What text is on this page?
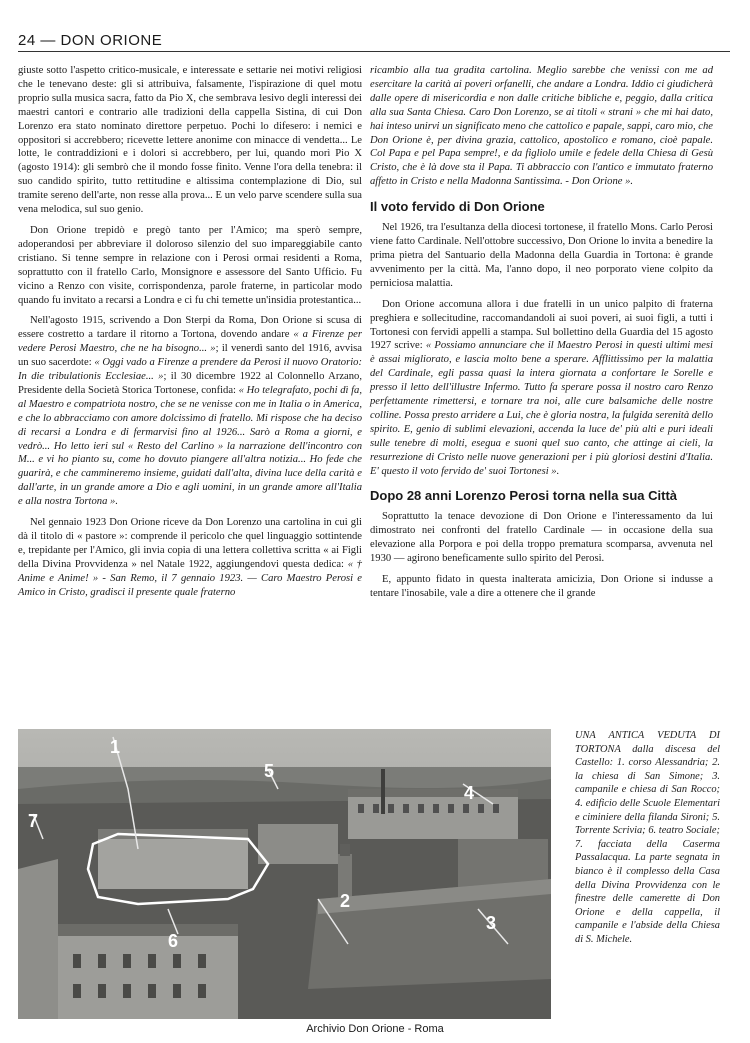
24 — DON ORIONE

giuste sotto l'aspetto critico-musicale, e interessate e settarie nei motivi religiosi che le tenevano deste: gli si attribuiva, falsamente, l'ispirazione di quel motu proprio sulla musica sacra, fatto da Pio X, che sembrava lesivo degli interessi dei maestri cantori e contrario alle tradizioni della cappella Sistina, di cui Don Lorenzo era stato nominato direttore perpetuo. Pochi lo difesero: i nemici e oppositori si accrebbero; ricevette lettere anonime con minacce di vendetta... Le lotte, le contraddizioni e i dolori si accrebbero, per lui, quando morì Pio X (agosto 1914): gli sembrò che il mondo fosse finito. Venne l'ora della tenebra: il suo candido spirito, tutto rettitudine e altissima contemplazione di Dio, sul tramite sereno dell'arte, non resse alla prova... E un velo parve scendere sulla sua vena melodica, sul suo genio.

Don Orione trepidò e pregò tanto per l'Amico; ma sperò sempre, adoperandosi per abbreviare il doloroso silenzio del suo impareggiabile canto cristiano. Si tenne sempre in relazione con i Perosi ormai residenti a Roma, soprattutto con il fratello Carlo, Monsignore e assessore del Santo Ufficio. Fu vicino a Renzo con visite, corrispondenza, parole fraterne, in particolar modo quando fu invitato a recarsi a Londra e ci fu chi temette un'insidia protestantica...

Nell'agosto 1915, scrivendo a Don Sterpi da Roma, Don Orione si scusa di essere costretto a tardare il ritorno a Tortona, dovendo andare « a Firenze per vedere Perosi Maestro, che ne ha bisogno... »; il venerdì santo del 1916, avvisa un suo sacerdote: « Oggi vado a Firenze a prendere da Perosi il nuovo Oratorio: In die tribulationis Ecclesiae... »; il 30 dicembre 1922 al Colonnello Arzano, Presidente della Società Storica Tortonese, confida: « Ho telegrafato, pochi dì fa, al Maestro e compatriota nostro, che se ne venisse con me in Italia o in America, e che lo abbracciamo con amore dolcissimo di fratello. Mi rispose che ha deciso di recarsi a Londra e di fermarvisi fino al 1926... Sarò a Roma a giorni, e vedrò... Ho letto ieri sul « Resto del Carlino » la narrazione dell'incontro con M... e vi ho pianto su, come ho dovuto piangere all'altra notizia... Ho fede che guarirà, e che cammineremo insieme, guidati dall'alta, divina luce della carità e dall'arte, in un grande amore a Dio e agli uomini, in un grande amore all'Italia e alla nostra Tortona ».

Nel gennaio 1923 Don Orione riceve da Don Lorenzo una cartolina in cui gli dà il titolo di « pastore »: comprende il pericolo che quel linguaggio sottintende e, trepidante per l'Amico, gli invia copia di una lettera collettiva scritta « ai Figli della Divina Provvidenza » nel Natale 1922, aggiungendovi questa dedica: « † Anime e Anime! » - San Remo, il 7 gennaio 1923. — Caro Maestro Perosi e Amico in Cristo, gradisci il presente quale fraterno

ricambio alla tua gradita cartolina. Meglio sarebbe che venissi con me ad esercitare la carità ai poveri orfanelli, che andare a Londra. Iddio ci giudicherà dalle opere di misericordia e non dalle critiche bibliche e, peggio, dalla critica alla sua Santa Chiesa. Caro Don Lorenzo, se ai titoli « strani » che mi hai dato, hai inteso unirvi un significato meno che cattolico e papale, sappi, caro mio, che Don Orione è, per divina grazia, cattolico, apostolico e romano, cioè papale. Col Papa e pel Papa sempre!, e da figliolo umile e fedele della Chiesa di Gesù Cristo, che è là dove sta il Papa. Ti abbraccio con l'antico e immutato fraterno affetto in Cristo e nella Madonna Santissima. - Don Orione ».

Il voto fervido di Don Orione

Nel 1926, tra l'esultanza della diocesi tortonese, il fratello Mons. Carlo Perosi viene fatto Cardinale. Nell'ottobre successivo, Don Orione lo invita a benedire la prima pietra del Santuario della Madonna della Guardia in Tortona: è grande avvenimento per la città. Ma, l'anno dopo, il neo porporato viene colpito da perniciosa malattia.

Don Orione accomuna allora i due fratelli in un unico palpito di fraterna preghiera e sollecitudine, raccomandandoli ai suoi poveri, ai suoi figli, a tutti i Tortonesi con fervidi appelli a stampa. Sul bollettino della Guardia del 15 agosto 1927 scrive: « Possiamo annunciare che il Maestro Perosi in questi ultimi mesi è assai migliorato, e lascia molto bene a sperare. Afflittissimo per la malattia del Cardinale, egli passa quasi la intera giornata a confortare le Sorelle e presso il letto dell'illustre Infermo. Tutto fa sperare possa il nostro caro Renzo perfettamente rimettersi, e tornare tra noi, alle cure balsamiche delle nostre colline. Possa presto arridere a Lui, che è gloria nostra, la fulgida serenità dello spirito. E, genio di sublimi elevazioni, accenda la luce de' più alti e puri ideali sulle tenebre di molti, esegua e suoni quel suo canto, che attinge ai cieli, la resurrezione di Cristo nelle nuove generazioni per i più gloriosi destini d'Italia. E' questo il voto fervido de' suoi Tortonesi ».

Dopo 28 anni Lorenzo Perosi torna nella sua Città

Soprattutto la tenace devozione di Don Orione e l'interessamento da lui dimostrato nei confronti del fratello Cardinale — in occasione della sua elevazione alla Porpora e poi della troppo prematura scomparsa, avvenuta nel 1930 — agirono beneficamente sullo spirito del Perosi.

E, appunto fidato in questa inalterata amicizia, Don Orione si indusse a tentare l'inosabile, vale a dire a ottenere che il grande

1
2
3
4
5
6
7
UNA ANTICA VEDUTA DI TORTONA dalla discesa del Castello: 1. corso Alessandria; 2. la chiesa di San Simone; 3. campanile e chiesa di San Rocco; 4. edificio delle Scuole Elementari e ciminiere della filanda Sironi; 5. Torrente Scrivia; 6. teatro Sociale; 7. facciata della Caserma Passalacqua. La parte segnata in bianco è il complesso della Casa della Divina Provvidenza con le finestre delle camerette di Don Orione e della cappella, il campanile e l'abside della Chiesa di S. Michele.
Archivio Don Orione - Roma
